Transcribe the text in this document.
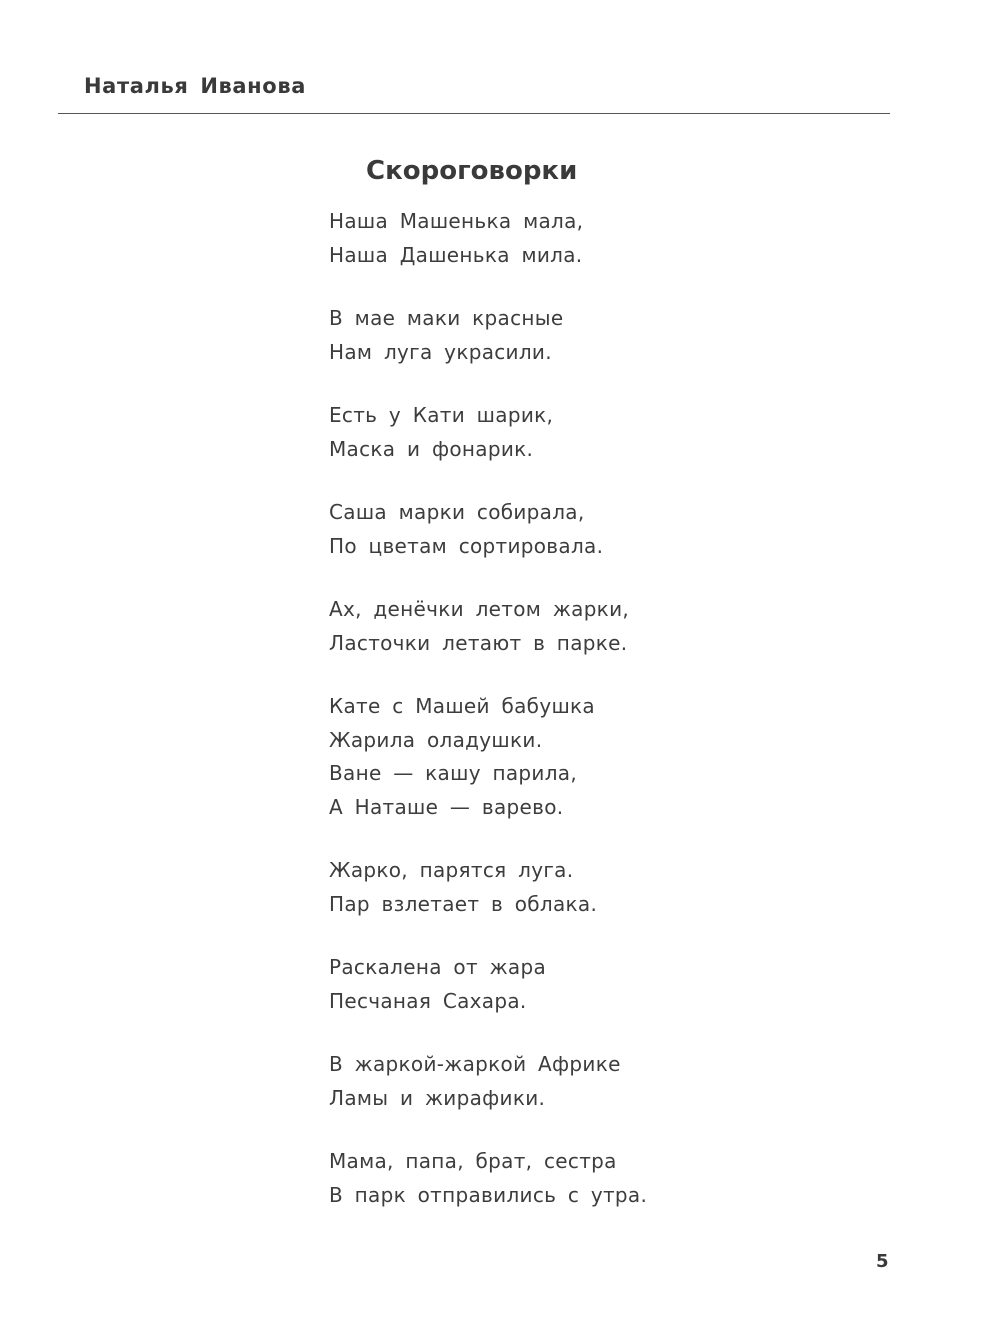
Наталья Иванова
Скороговорки
Наша Машенька мала,
Наша Дашенька мила.
В мае маки красные
Нам луга украсили.
Есть у Кати шарик,
Маска и фонарик.
Саша марки собирала,
По цветам сортировала.
Ах, денёчки летом жарки,
Ласточки летают в парке.
Кате с Машей бабушка
Жарила оладушки.
Ване — кашу парила,
А Наташе — варево.
Жарко, парятся луга.
Пар взлетает в облака.
Раскалена от жара
Песчаная Сахара.
В жаркой-жаркой Африке
Ламы и жирафики.
Мама, папа, брат, сестра
В парк отправились с утра.
5
